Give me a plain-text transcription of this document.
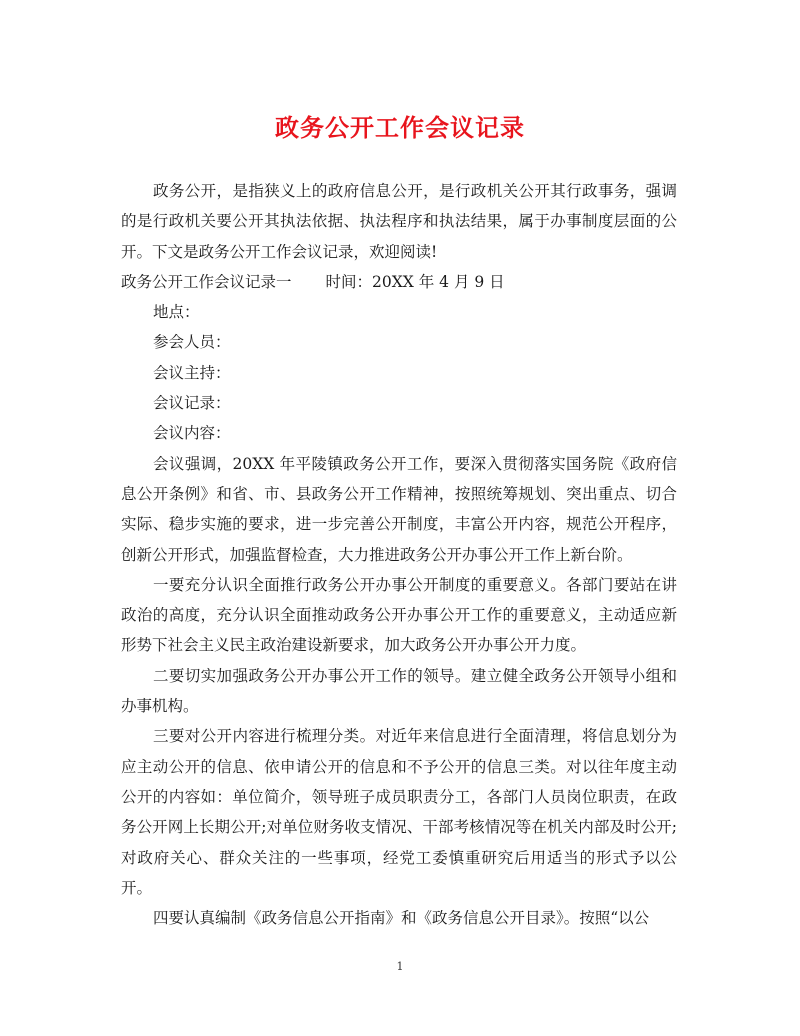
政务公开工作会议记录

政务公开，是指狭义上的政府信息公开，是行政机关公开其行政事务，强调的是行政机关要公开其执法依据、执法程序和执法结果，属于办事制度层面的公开。下文是政务公开工作会议记录，欢迎阅读!

政务公开工作会议记录一 时间：20XX 年 4 月 9 日

地点：

参会人员：

会议主持：

会议记录：

会议内容：

会议强调，20XX 年平陵镇政务公开工作，要深入贯彻落实国务院《政府信息公开条例》和省、市、县政务公开工作精神，按照统筹规划、突出重点、切合实际、稳步实施的要求，进一步完善公开制度，丰富公开内容，规范公开程序，创新公开形式，加强监督检查，大力推进政务公开办事公开工作上新台阶。

一要充分认识全面推行政务公开办事公开制度的重要意义。各部门要站在讲政治的高度，充分认识全面推动政务公开办事公开工作的重要意义，主动适应新形势下社会主义民主政治建设新要求，加大政务公开办事公开力度。

二要切实加强政务公开办事公开工作的领导。建立健全政务公开领导小组和办事机构。

三要对公开内容进行梳理分类。对近年来信息进行全面清理，将信息划分为应主动公开的信息、依申请公开的信息和不予公开的信息三类。对以往年度主动公开的内容如：单位简介，领导班子成员职责分工，各部门人员岗位职责，在政务公开网上长期公开;对单位财务收支情况、干部考核情况等在机关内部及时公开;对政府关心、群众关注的一些事项，经党工委慎重研究后用适当的形式予以公开。

四要认真编制《政务信息公开指南》和《政务信息公开目录》。按照“以公

1
